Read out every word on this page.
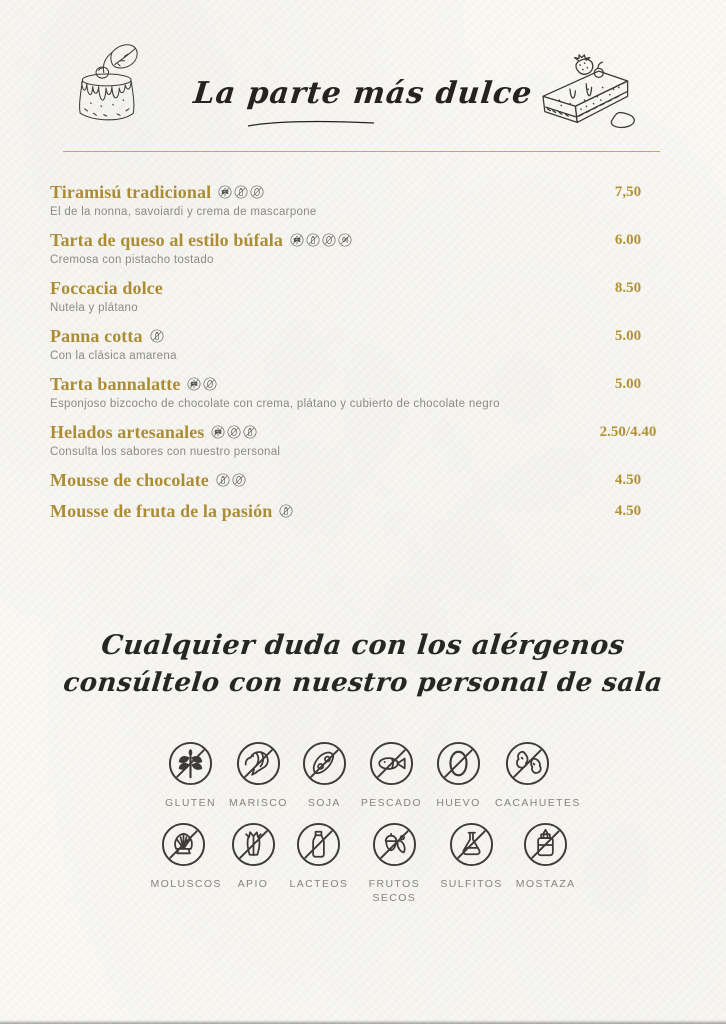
La parte más dulce
Tiramisú tradicional
El de la nonna, savoiardi y crema de mascarpone
7,50
Tarta de queso al estilo búfala
Cremosa con pistacho tostado
6.00
Foccacia dolce
Nutela y plátano
8.50
Panna cotta
Con la clásica amarena
5.00
Tarta bannalatte
Esponjoso bizcocho de chocolate con crema, plátano y cubierto de chocolate negro
5.00
Helados artesanales
Consulta los sabores con nuestro personal
2.50/4.40
Mousse de chocolate	4.50
Mousse de fruta de la pasión	4.50
Cualquier duda con los alérgenos
consúltelo con nuestro personal de sala
GLUTEN MARISCO SOJA PESCADO HUEVO CACAHUETES
MOLUSCOS APIO LACTEOS	FRUTOS SECOS
SULFITOS MOSTAZA
